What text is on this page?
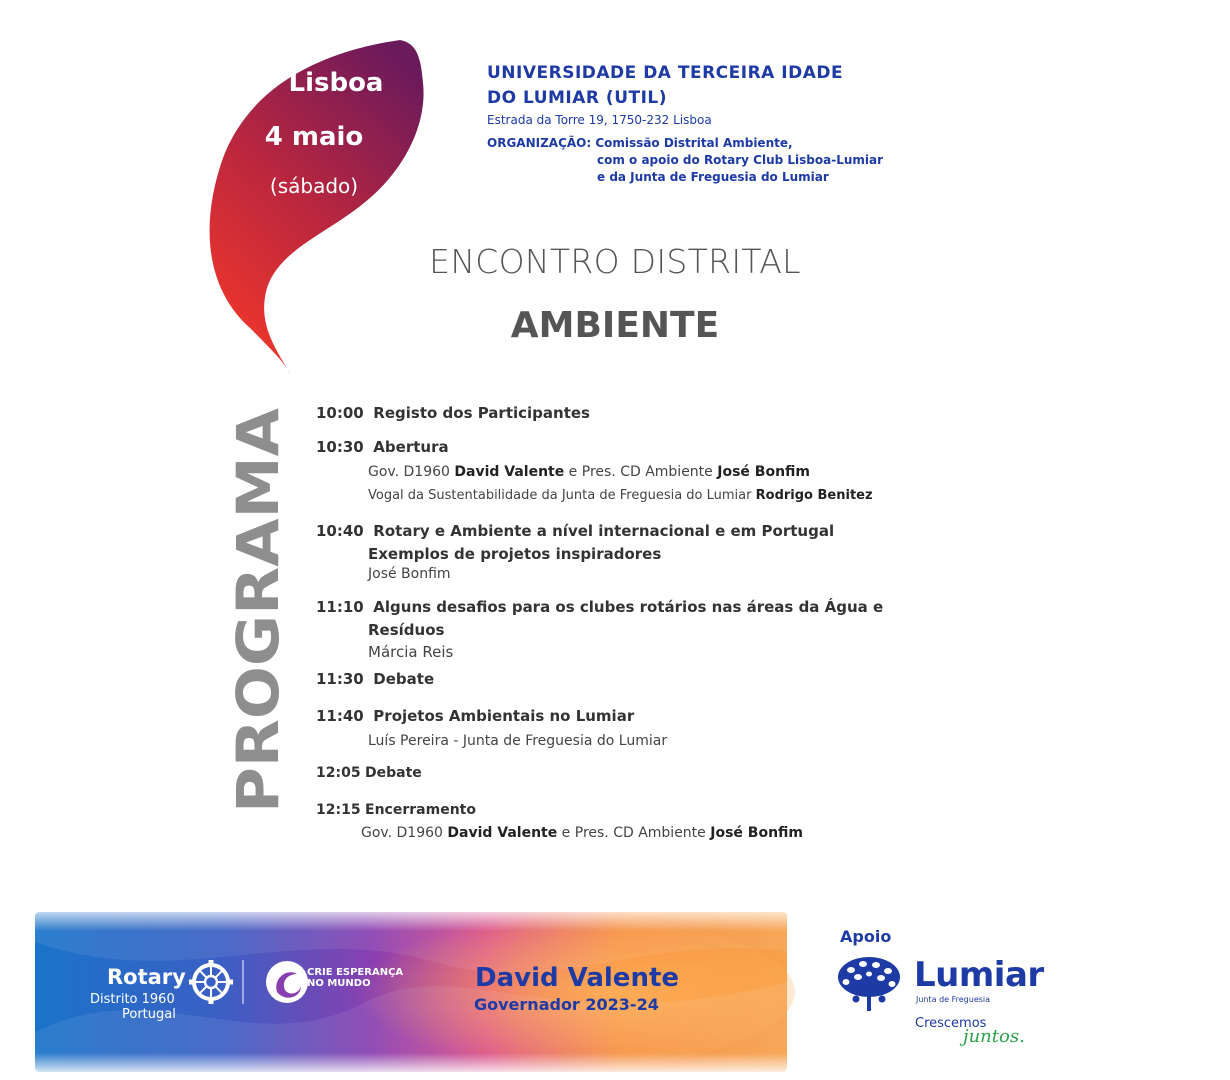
Lisboa
4 maio
(sábado)
UNIVERSIDADE DA TERCEIRA IDADE
DO LUMIAR (UTIL)
Estrada da Torre 19, 1750-232 Lisboa
ORGANIZAÇÃO: Comissão Distrital Ambiente,
com o apoio do Rotary Club Lisboa-Lumiar
e da Junta de Freguesia do Lumiar
ENCONTRO DISTRITAL
AMBIENTE
PROGRAMA
10:00 Registo dos Participantes
10:30 Abertura
Gov. D1960 David Valente e Pres. CD Ambiente José Bonfim
Vogal da Sustentabilidade da Junta de Freguesia do Lumiar Rodrigo Benitez
10:40 Rotary e Ambiente a nível internacional e em Portugal
Exemplos de projetos inspiradores
José Bonfim
11:10 Alguns desafios para os clubes rotários nas áreas da Água e
Resíduos
Márcia Reis
11:30 Debate
11:40 Projetos Ambientais no Lumiar
Luís Pereira - Junta de Freguesia do Lumiar
12:05 Debate
12:15 Encerramento
Gov. D1960 David Valente e Pres. CD Ambiente José Bonfim
Rotary
Distrito 1960
Portugal
CRIE ESPERANÇA
NO MUNDO	David Valente
Governador 2023-24
Apoio
Lumiar
Junta de Freguesia
Crescemos
juntos.
